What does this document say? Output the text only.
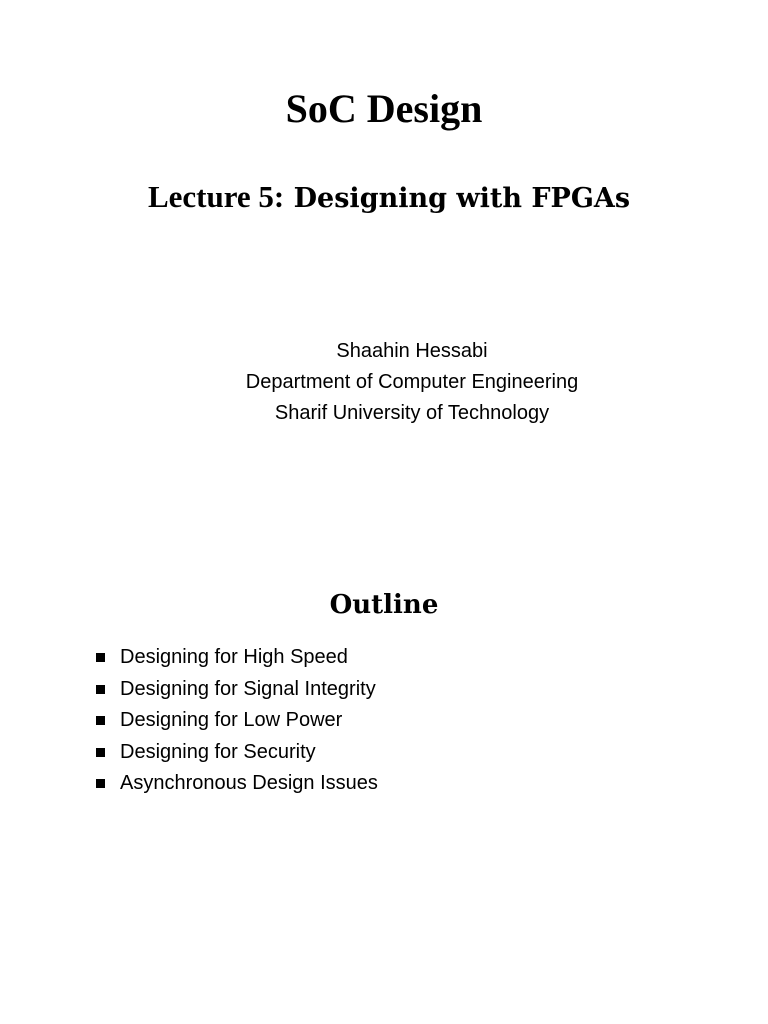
SoC Design
Lecture 5: Designing with FPGAs
Shaahin Hessabi
Department of Computer Engineering
Sharif University of Technology
Outline
Designing for High Speed
Designing for Signal Integrity
Designing for Low Power
Designing for Security
Asynchronous Design Issues
